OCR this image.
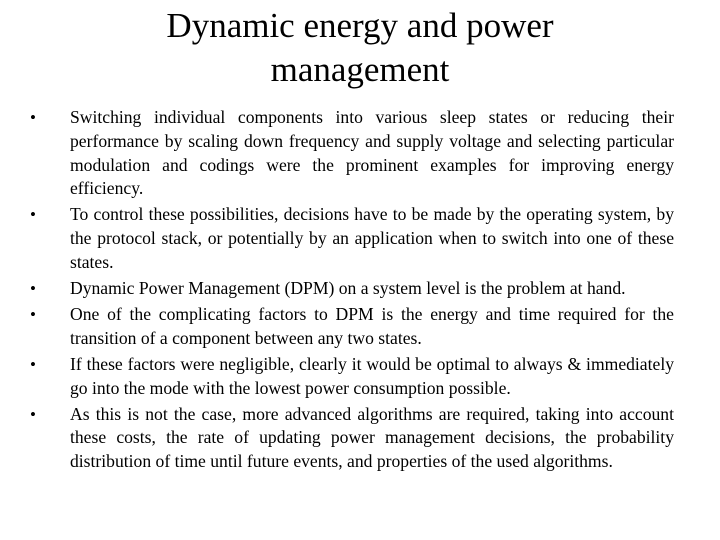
Dynamic energy and power
management
•	Switching individual components into various sleep states or reducing their performance by scaling down frequency and supply voltage and selecting particular modulation and codings were the prominent examples for improving energy efficiency.
•	To control these possibilities, decisions have to be made by the operating system, by the protocol stack, or potentially by an application when to switch into one of these states.
•	Dynamic Power Management (DPM) on a system level is the problem at hand.
•	One of the complicating factors to DPM is the energy and time required for the transition of a component between any two states.
•	If these factors were negligible, clearly it would be optimal to always & immediately go into the mode with the lowest power consumption possible.
•	As this is not the case, more advanced algorithms are required, taking into account these costs, the rate of updating power management decisions, the probability distribution of time until future events, and properties of the used algorithms.
